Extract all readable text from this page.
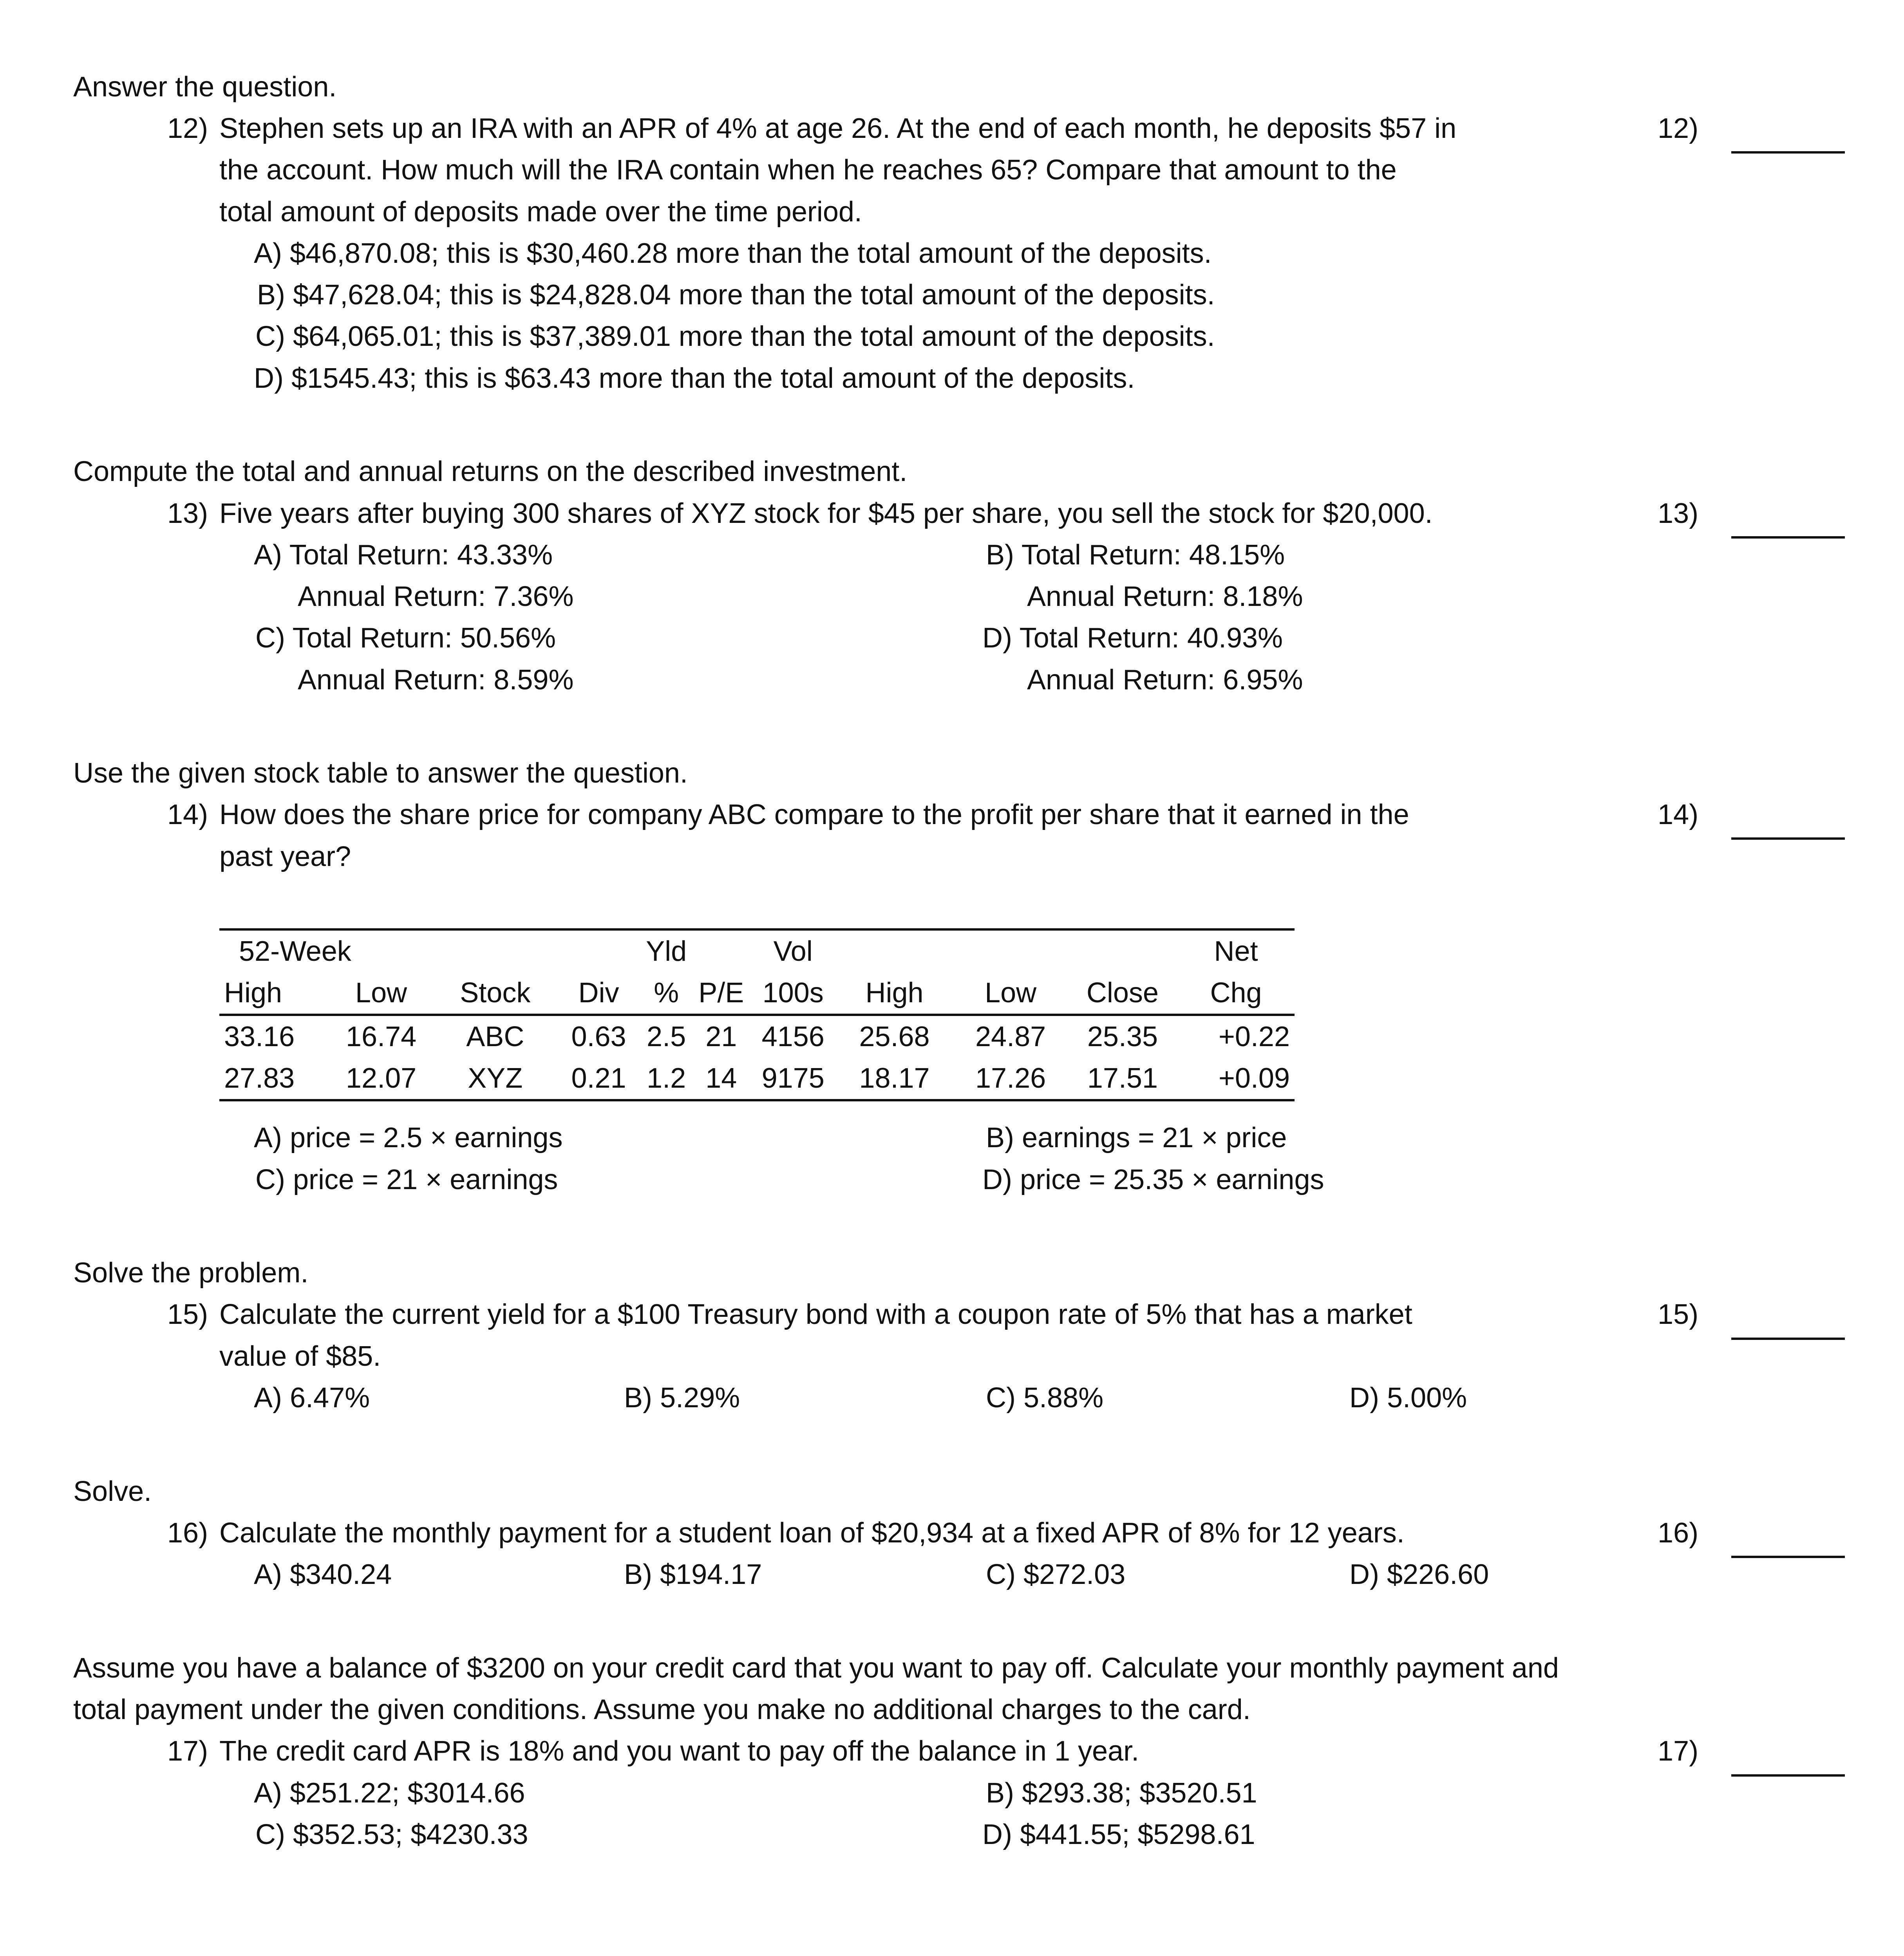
Answer the question.
12) Stephen sets up an IRA with an APR of 4% at age 26. At the end of each month, he deposits $57 in
the account. How much will the IRA contain when he reaches 65? Compare that amount to the
total amount of deposits made over the time period.
A) $46,870.08; this is $30,460.28 more than the total amount of the deposits.
B) $47,628.04; this is $24,828.04 more than the total amount of the deposits.
C) $64,065.01; this is $37,389.01 more than the total amount of the deposits.
D) $1545.43; this is $63.43 more than the total amount of the deposits.
12)
Compute the total and annual returns on the described investment.
13) Five years after buying 300 shares of XYZ stock for $45 per share, you sell the stock for $20,000.
A) Total Return: 43.33%
Annual Return: 7.36%
B) Total Return: 48.15%
Annual Return: 8.18%
C) Total Return: 50.56%
Annual Return: 8.59%
D) Total Return: 40.93%
Annual Return: 6.95%
13)
Use the given stock table to answer the question.
14) How does the share price for company ABC compare to the profit per share that it earned in the
past year?
14)
52-Week				Yld		Vol				Net
High	Low	Stock	Div	%	P/E	100s	High	Low	Close	Chg
33.16	16.74	ABC	0.63	2.5	21	4156	25.68	24.87	25.35	+0.22
27.83	12.07	XYZ	0.21	1.2	14	9175	18.17	17.26	17.51	+0.09
A) price = 2.5 × earnings	B) earnings = 21 × price
C) price = 21 × earnings	D) price = 25.35 × earnings
Solve the problem.
15) Calculate the current yield for a $100 Treasury bond with a coupon rate of 5% that has a market
value of $85.
A) 6.47%	B) 5.29%	C) 5.88%	D) 5.00%
15)
Solve.
16) Calculate the monthly payment for a student loan of $20,934 at a fixed APR of 8% for 12 years.
A) $340.24	B) $194.17	C) $272.03	D) $226.60
16)
Assume you have a balance of $3200 on your credit card that you want to pay off. Calculate your monthly payment and
total payment under the given conditions. Assume you make no additional charges to the card.
17) The credit card APR is 18% and you want to pay off the balance in 1 year.
A) $251.22; $3014.66	B) $293.38; $3520.51
C) $352.53; $4230.33	D) $441.55; $5298.61
17)
